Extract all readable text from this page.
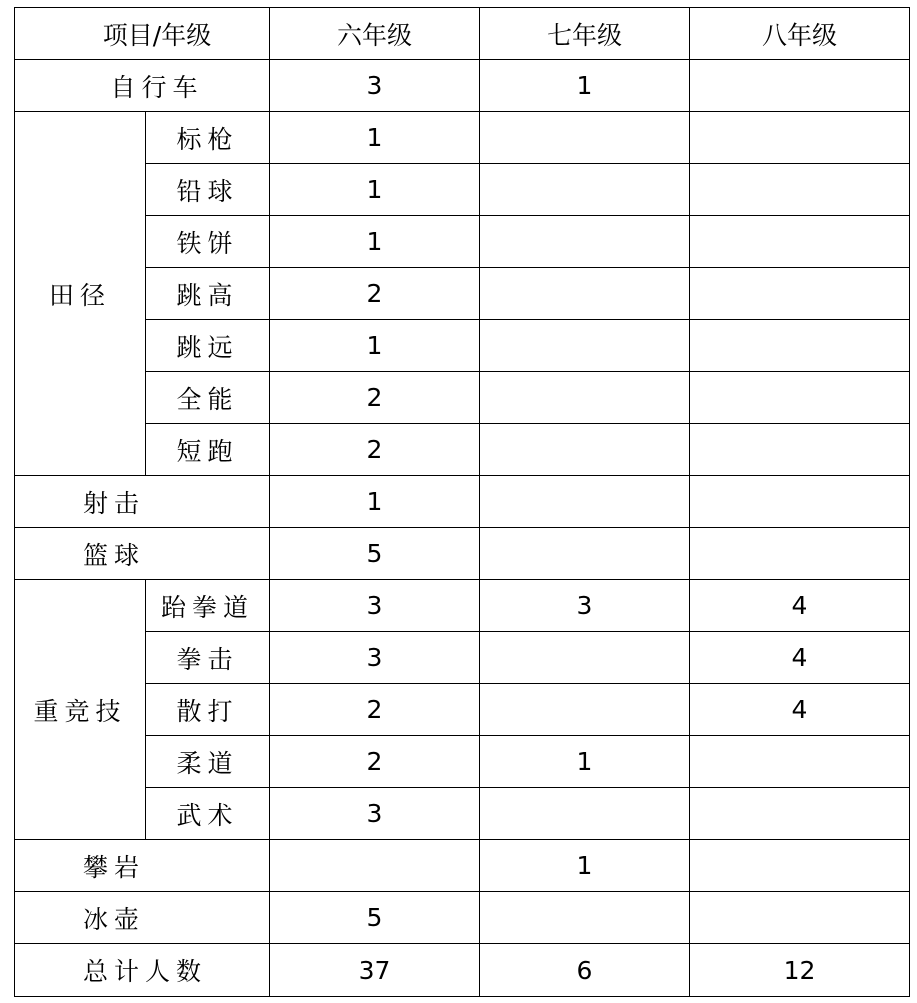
项目/年级		六年级	七年级	八年级
自行车		3	1	
田径	标枪	1		
	铅球	1		
	铁饼	1		
	跳高	2		
	跳远	1		
	全能	2		
	短跑	2		
射击		1		
篮球		5		
重竞技	跆拳道	3	3	4
	拳击	3		4
	散打	2		4
	柔道	2	1	
	武术	3		
攀岩			1	
冰壶		5		
总计人数		37	6	12
